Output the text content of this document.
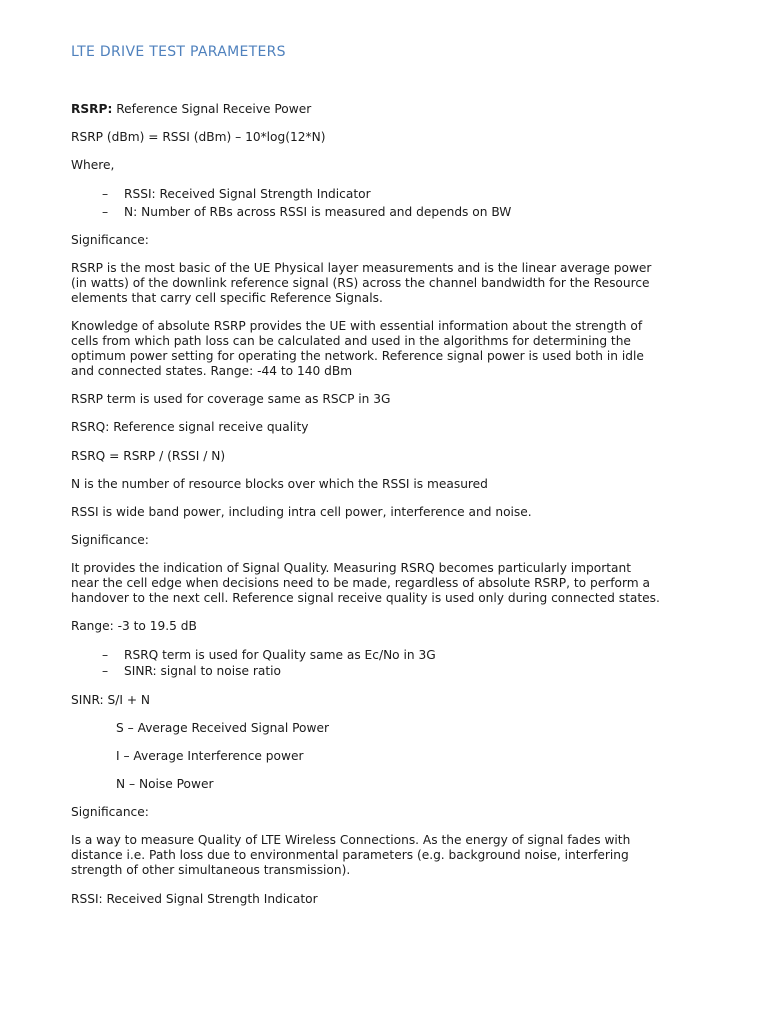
LTE DRIVE TEST PARAMETERS
RSRP: Reference Signal Receive Power
RSRP (dBm) = RSSI (dBm) – 10*log(12*N)
Where,
– RSSI: Received Signal Strength Indicator
– N: Number of RBs across RSSI is measured and depends on BW
Significance:
RSRP is the most basic of the UE Physical layer measurements and is the linear average power
(in watts) of the downlink reference signal (RS) across the channel bandwidth for the Resource
elements that carry cell specific Reference Signals.
Knowledge of absolute RSRP provides the UE with essential information about the strength of
cells from which path loss can be calculated and used in the algorithms for determining the
optimum power setting for operating the network. Reference signal power is used both in idle
and connected states. Range: -44 to 140 dBm
RSRP term is used for coverage same as RSCP in 3G
RSRQ: Reference signal receive quality
RSRQ = RSRP / (RSSI / N)
N is the number of resource blocks over which the RSSI is measured
RSSI is wide band power, including intra cell power, interference and noise.
Significance:
It provides the indication of Signal Quality. Measuring RSRQ becomes particularly important
near the cell edge when decisions need to be made, regardless of absolute RSRP, to perform a
handover to the next cell. Reference signal receive quality is used only during connected states.
Range: -3 to 19.5 dB
– RSRQ term is used for Quality same as Ec/No in 3G
– SINR: signal to noise ratio
SINR: S/I + N
S – Average Received Signal Power
I – Average Interference power
N – Noise Power
Significance:
Is a way to measure Quality of LTE Wireless Connections. As the energy of signal fades with
distance i.e. Path loss due to environmental parameters (e.g. background noise, interfering
strength of other simultaneous transmission).
RSSI: Received Signal Strength Indicator
